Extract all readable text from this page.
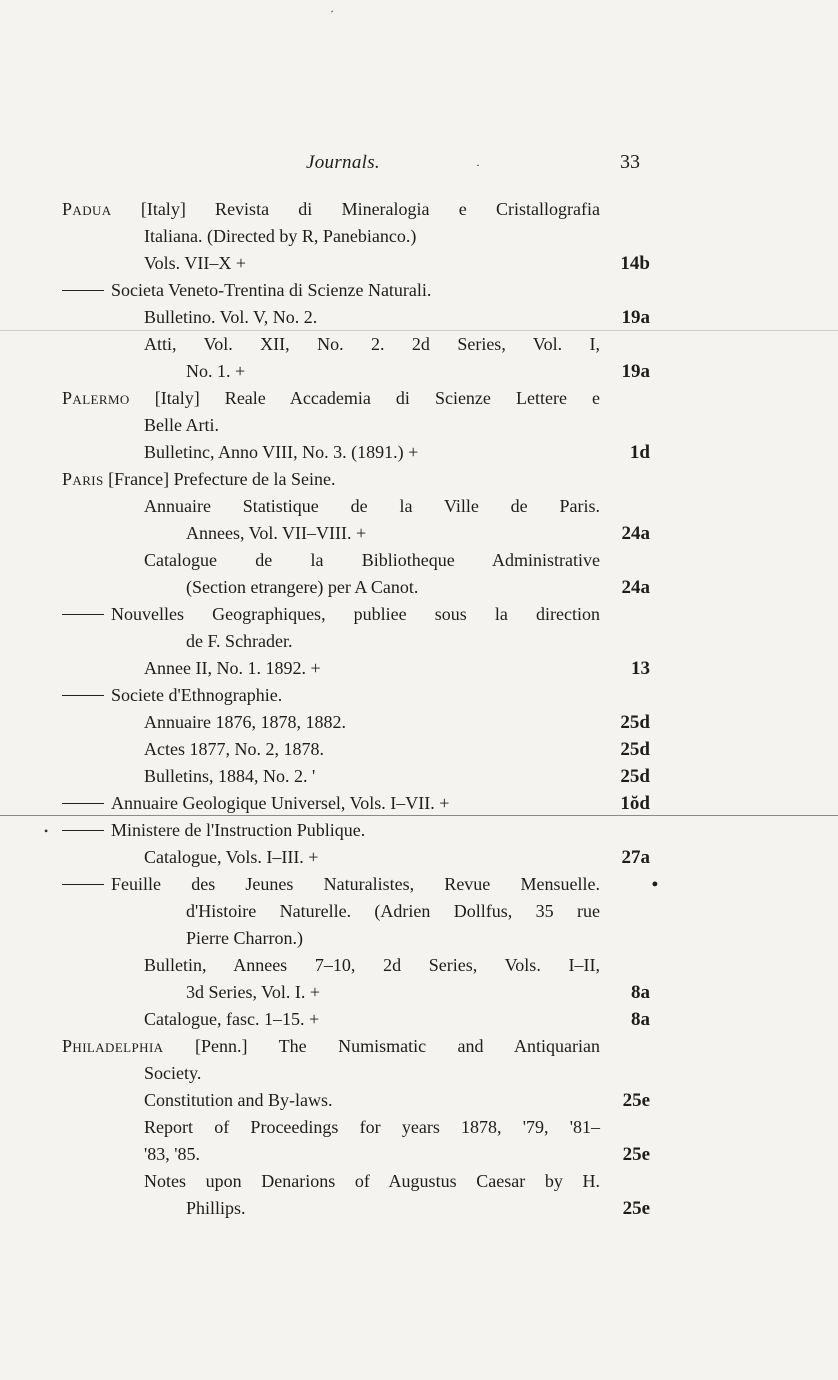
ˊ
•
Journals.	·	33
Padua [Italy] Revista di Mineralogia e Cristallografia
Italiana. (Directed by R, Panebianco.)
Vols. VII–X +	14b
Societa Veneto-Trentina di Scienze Naturali.
Bulletino. Vol. V, No. 2.	19a
Atti, Vol. XII, No. 2. 2d Series, Vol. I,
No. 1. +	19a
Palermo [Italy] Reale Accademia di Scienze Lettere e
Belle Arti.
Bulletinc, Anno VIII, No. 3. (1891.) +	1d
Paris [France] Prefecture de la Seine.
Annuaire Statistique de la Ville de Paris.
Annees, Vol. VII–VIII. +	24a
Catalogue de la Bibliotheque Administrative
(Section etrangere) per A Canot.	24a
Nouvelles Geographiques, publiee sous la direction
de F. Schrader.
Annee II, No. 1. 1892. +	13
Societe d'Ethnographie.
Annuaire 1876, 1878, 1882.	25d
Actes 1877, No. 2, 1878.	25d
Bulletins, 1884, No. 2. '	25d
Annuaire Geologique Universel, Vols. I–VII. +	1ŏd
Ministere de l'Instruction Publique.
Catalogue, Vols. I–III. +	27a
Feuille des Jeunes Naturalistes, Revue Mensuelle.	•
d'Histoire Naturelle. (Adrien Dollfus, 35 rue
Pierre Charron.)
Bulletin, Annees 7–10, 2d Series, Vols. I–II,
3d Series, Vol. I. +	8a
Catalogue, fasc. 1–15. +	8a
Philadelphia [Penn.] The Numismatic and Antiquarian
Society.
Constitution and By-laws.	25e
Report of Proceedings for years 1878, '79, '81–
'83, '85.	25e
Notes upon Denarions of Augustus Caesar by H.
Phillips.	25e
